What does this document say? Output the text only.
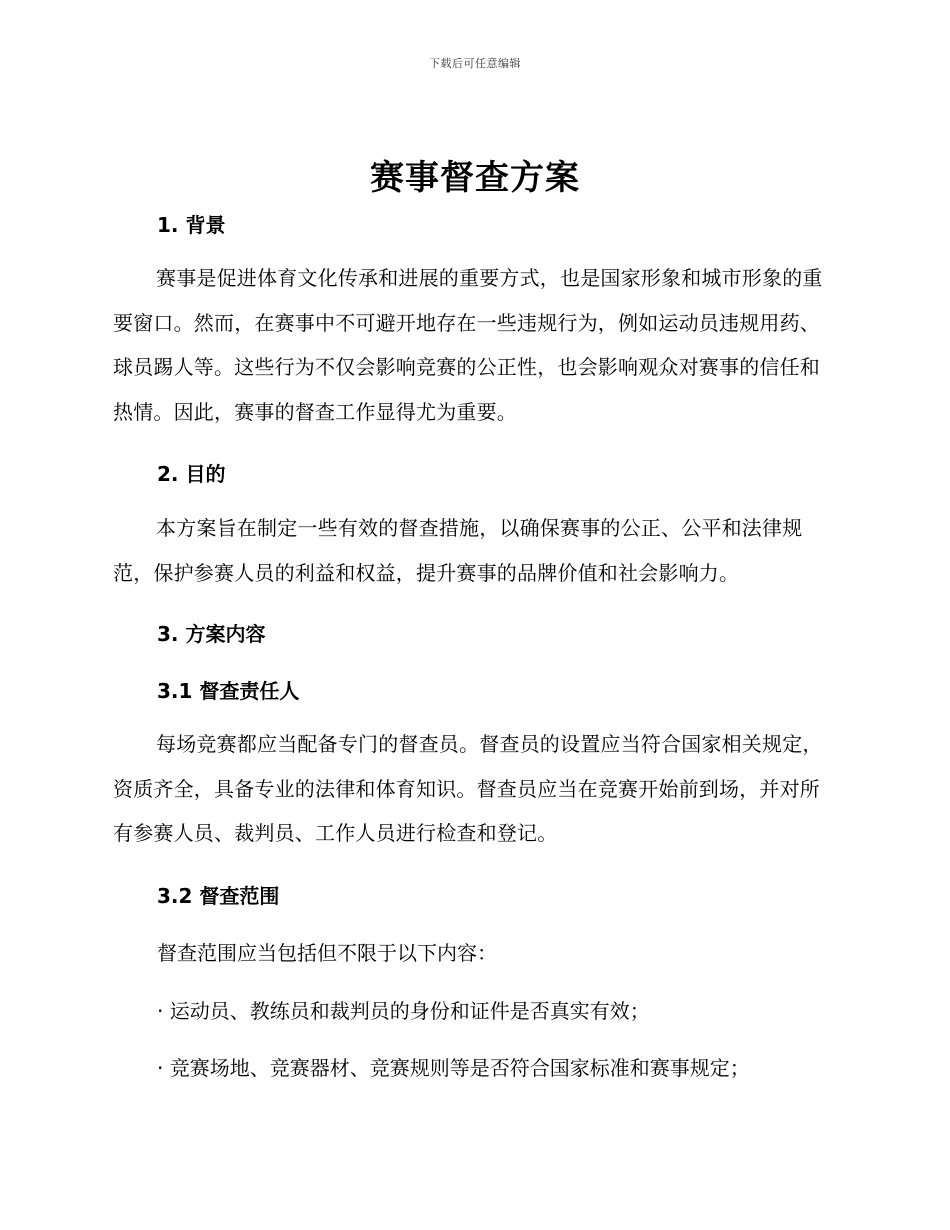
下载后可任意编辑
赛事督查方案
1. 背景
赛事是促进体育文化传承和进展的重要方式，也是国家形象和城市形象的重要窗口。然而，在赛事中不可避开地存在一些违规行为，例如运动员违规用药、球员踢人等。这些行为不仅会影响竞赛的公正性，也会影响观众对赛事的信任和热情。因此，赛事的督查工作显得尤为重要。
2. 目的
本方案旨在制定一些有效的督查措施，以确保赛事的公正、公平和法律规范，保护参赛人员的利益和权益，提升赛事的品牌价值和社会影响力。
3. 方案内容
3.1 督查责任人
每场竞赛都应当配备专门的督查员。督查员的设置应当符合国家相关规定，资质齐全，具备专业的法律和体育知识。督查员应当在竞赛开始前到场，并对所有参赛人员、裁判员、工作人员进行检查和登记。
3.2 督查范围
督查范围应当包括但不限于以下内容：
· 运动员、教练员和裁判员的身份和证件是否真实有效；
· 竞赛场地、竞赛器材、竞赛规则等是否符合国家标准和赛事规定；
